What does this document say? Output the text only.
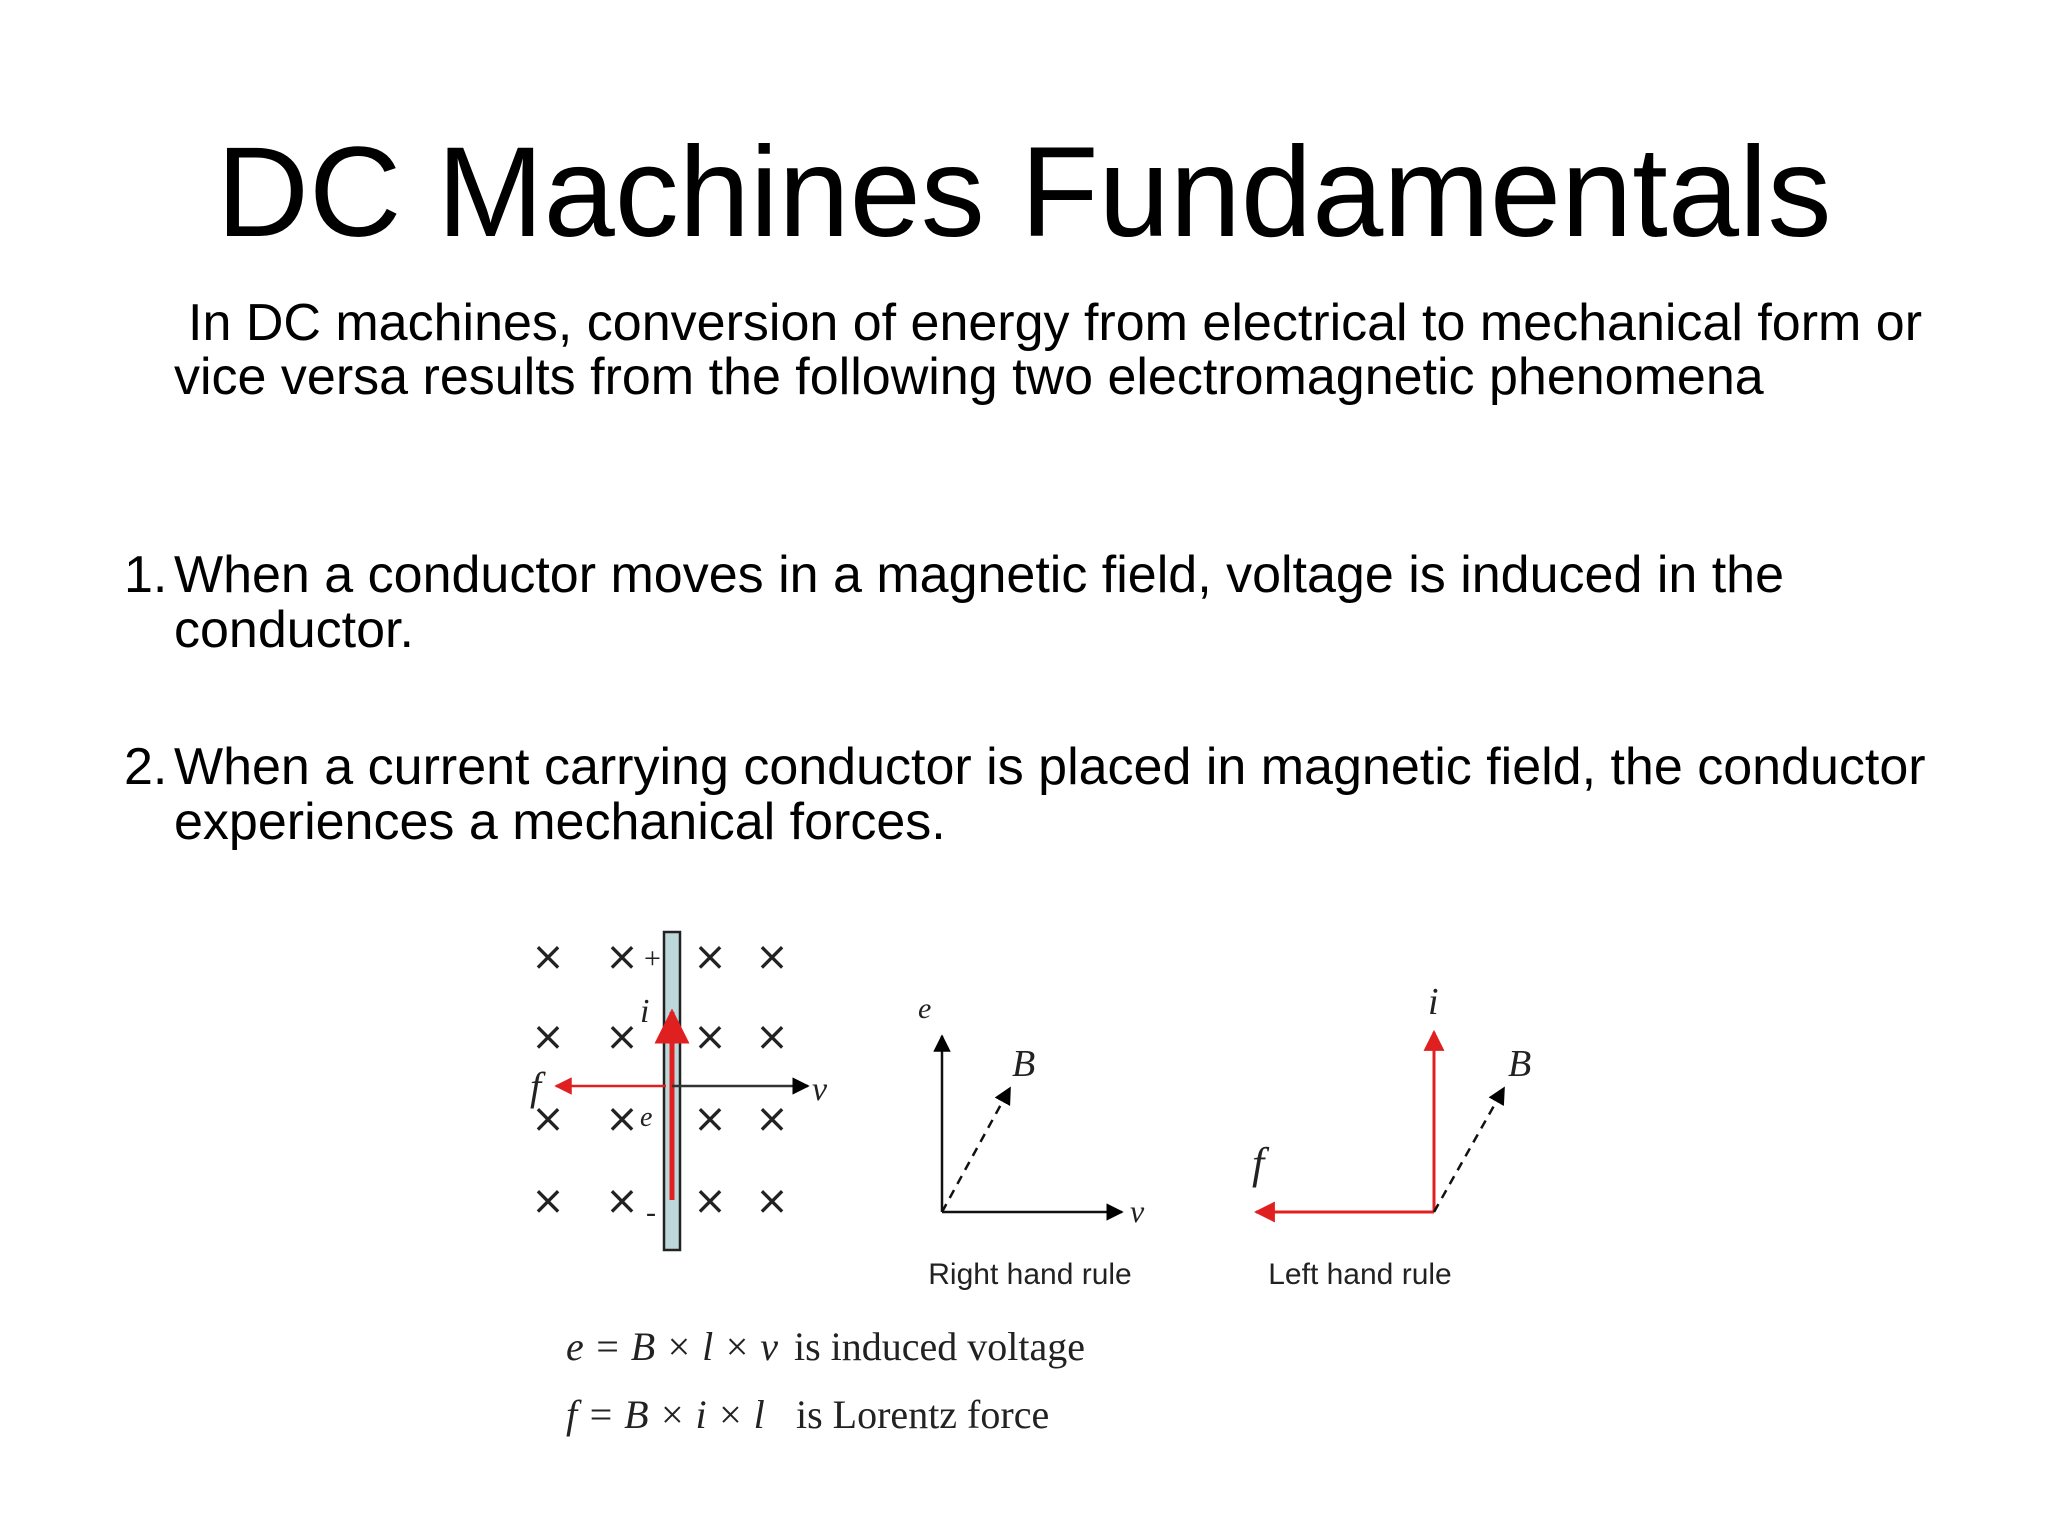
DC Machines Fundamentals
In DC machines, conversion of energy from electrical to mechanical form or vice versa results from the following two electromagnetic phenomena
1. When a conductor moves in a magnetic field, voltage is induced in the conductor.
2. When a current carrying conductor is placed in magnetic field, the conductor experiences a mechanical forces.
× × × ×
× × × ×
× × × ×
× × × ×
+
-
i
e
f	v
e
B
v
Right hand rule
i
B
f
Left hand rule
e = B × l × v is induced voltage
f = B × i × l is Lorentz force
